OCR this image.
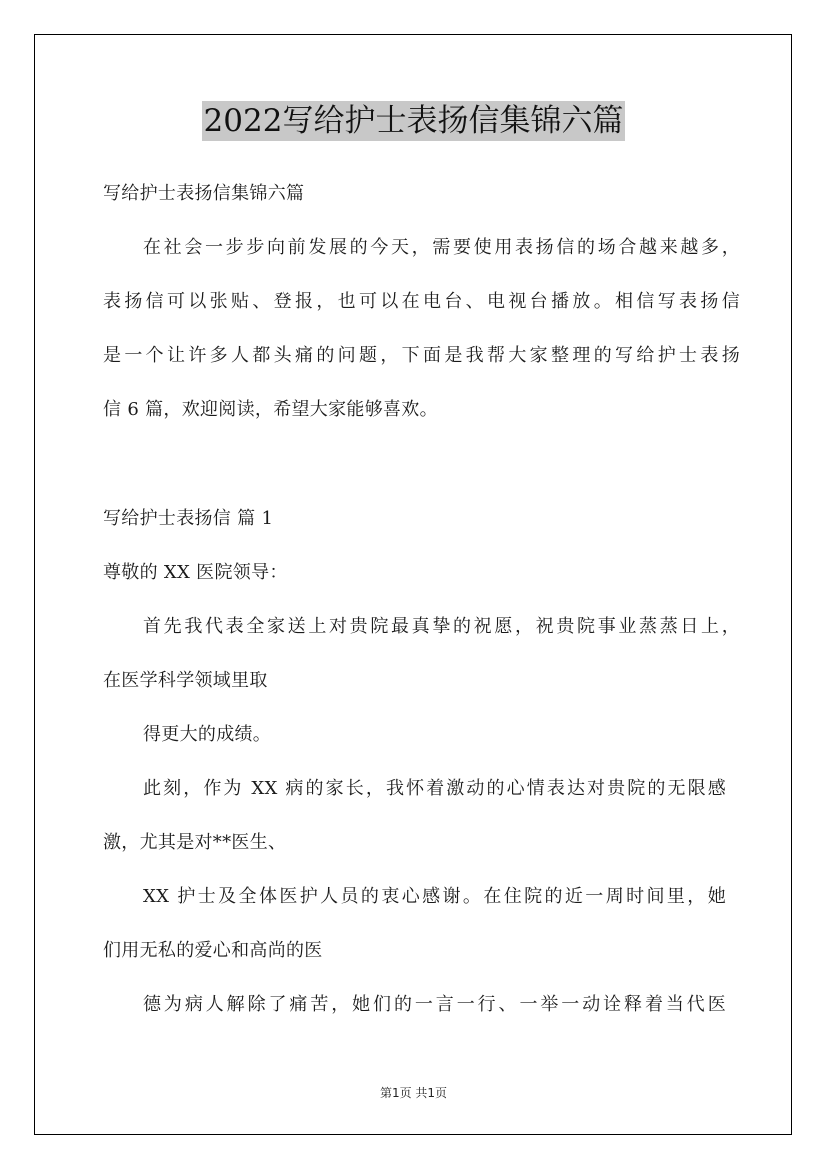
2022写给护士表扬信集锦六篇
写给护士表扬信集锦六篇
在社会一步步向前发展的今天，需要使用表扬信的场合越来越多，
表扬信可以张贴、登报，也可以在电台、电视台播放。相信写表扬信
是一个让许多人都头痛的问题，下面是我帮大家整理的写给护士表扬
信 6 篇，欢迎阅读，希望大家能够喜欢。
写给护士表扬信 篇 1
尊敬的 XX 医院领导：
首先我代表全家送上对贵院最真挚的祝愿，祝贵院事业蒸蒸日上，
在医学科学领域里取
得更大的成绩。
此刻，作为 XX 病的家长，我怀着激动的心情表达对贵院的无限感
激，尤其是对**医生、
XX 护士及全体医护人员的衷心感谢。在住院的近一周时间里，她
们用无私的爱心和高尚的医
德为病人解除了痛苦，她们的一言一行、一举一动诠释着当代医
第1页 共1页
